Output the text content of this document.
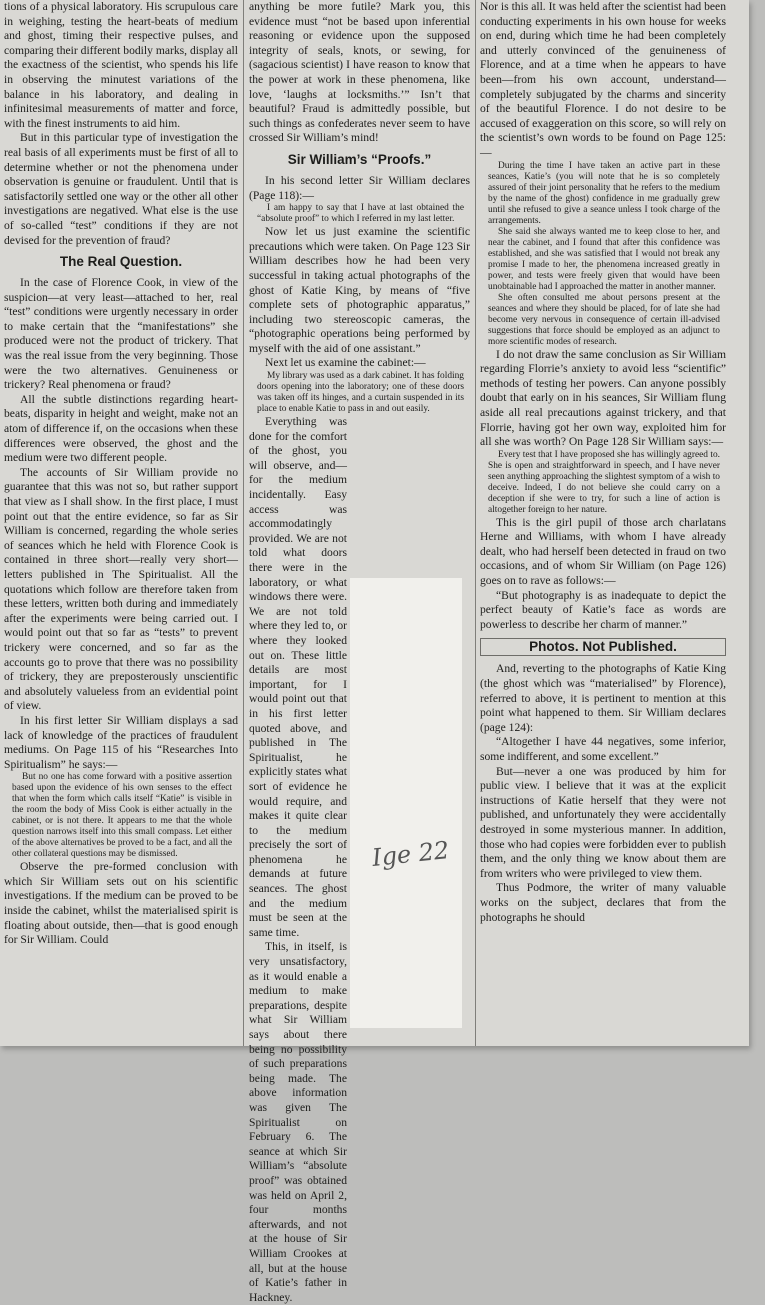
tions of a physical laboratory. His scrupulous care in weighing, testing the heart-beats of medium and ghost, timing their respective pulses, and comparing their different bodily marks, display all the exactness of the scientist, who spends his life in observing the minutest variations of the balance in his laboratory, and dealing in infinitesimal measurements of matter and force, with the finest instruments to aid him.

But in this particular type of investigation the real basis of all experiments must be first of all to determine whether or not the phenomena under observation is genuine or fraudulent. Until that is satisfactorily settled one way or the other all other investigations are negatived. What else is the use of so-called “test” conditions if they are not devised for the prevention of fraud?

The Real Question.

In the case of Florence Cook, in view of the suspicion—at very least—attached to her, real “test” conditions were urgently necessary in order to make certain that the “manifestations” she produced were not the product of trickery. That was the real issue from the very beginning. Those were the two alternatives. Genuineness or trickery? Real phenomena or fraud?

All the subtle distinctions regarding heart-beats, disparity in height and weight, make not an atom of difference if, on the occasions when these differences were observed, the ghost and the medium were two different people.

The accounts of Sir William provide no guarantee that this was not so, but rather support that view as I shall show. In the first place, I must point out that the entire evidence, so far as Sir William is concerned, regarding the whole series of seances which he held with Florence Cook is contained in three short—really very short—letters published in The Spiritualist. All the quotations which follow are therefore taken from these letters, written both during and immediately after the experiments were being carried out. I would point out that so far as “tests” to prevent trickery were concerned, and so far as the accounts go to prove that there was no possibility of trickery, they are preposterously unscientific and absolutely valueless from an evidential point of view.

In his first letter Sir William displays a sad lack of knowledge of the practices of fraudulent mediums. On Page 115 of his “Researches Into Spiritualism” he says:—

But no one has come forward with a positive assertion based upon the evidence of his own senses to the effect that when the form which calls itself “Katie” is visible in the room the body of Miss Cook is either actually in the cabinet, or is not there. It appears to me that the whole question narrows itself into this small compass. Let either of the above alternatives be proved to be a fact, and all the other collateral questions may be dismissed.

Observe the pre-formed conclusion with which Sir William sets out on his scientific investigations. If the medium can be proved to be inside the cabinet, whilst the materialised spirit is floating about outside, then—that is good enough for Sir William. Could

anything be more futile? Mark you, this evidence must “not be based upon inferential reasoning or evidence upon the supposed integrity of seals, knots, or sewing, for (sagacious scientist) I have reason to know that the power at work in these phenomena, like love, ‘laughs at locksmiths.’” Isn’t that beautiful? Fraud is admittedly possible, but such things as confederates never seem to have crossed Sir William’s mind!

Sir William’s “Proofs.”

In his second letter Sir William declares (Page 118):—

I am happy to say that I have at last obtained the “absolute proof” to which I referred in my last letter.

Now let us just examine the scientific precautions which were taken. On Page 123 Sir William describes how he had been very successful in taking actual photographs of the ghost of Katie King, by means of “five complete sets of photographic apparatus,” including two stereoscopic cameras, the “photographic operations being performed by myself with the aid of one assistant.”

Next let us examine the cabinet:—

My library was used as a dark cabinet. It has folding doors opening into the laboratory; one of these doors was taken off its hinges, and a curtain suspended in its place to enable Katie to pass in and out easily.

Everything was done for the comfort of the ghost, you will observe, and—for the medium incidentally. Easy access was accommodatingly provided. We are not told what doors there were in the laboratory, or what windows there were. We are not told where they led to, or where they looked out on. These little details are most important, for I would point out that in his first letter quoted above, and published in The Spiritualist, he explicitly states what sort of evidence he would require, and makes it quite clear to the medium precisely the sort of phenomena he demands at future seances. The ghost and the medium must be seen at the same time.

This, in itself, is very unsatisfactory, as it would enable a medium to make preparations, despite what Sir William says about there being no possibility of such preparations being made. The above information was given The Spiritualist on February 6. The seance at which Sir William’s “absolute proof” was obtained was held on April 2, four months afterwards, and not at the house of Sir William Crookes at all, but at the house of Katie’s father in Hackney.

Ige 22

Nor is this all. It was held after the scientist had been conducting experiments in his own house for weeks on end, during which time he had been completely and utterly convinced of the genuineness of Florence, and at a time when he appears to have been—from his own account, understand—completely subjugated by the charms and sincerity of the beautiful Florence. I do not desire to be accused of exaggeration on this score, so will rely on the scientist’s own words to be found on Page 125:—

During the time I have taken an active part in these seances, Katie’s (you will note that he is so completely assured of their joint personality that he refers to the medium by the name of the ghost) confidence in me gradually grew until she refused to give a seance unless I took charge of the arrangements.

She said she always wanted me to keep close to her, and near the cabinet, and I found that after this confidence was established, and she was satisfied that I would not break any promise I made to her, the phenomena increased greatly in power, and tests were freely given that would have been unobtainable had I approached the matter in another manner.

She often consulted me about persons present at the seances and where they should be placed, for of late she had become very nervous in consequence of certain ill-advised suggestions that force should be employed as an adjunct to more scientific modes of research.

I do not draw the same conclusion as Sir William regarding Florrie’s anxiety to avoid less “scientific” methods of testing her powers. Can anyone possibly doubt that early on in his seances, Sir William flung aside all real precautions against trickery, and that Florrie, having got her own way, exploited him for all she was worth? On Page 128 Sir William says:—

Every test that I have proposed she has willingly agreed to. She is open and straightforward in speech, and I have never seen anything approaching the slightest symptom of a wish to deceive. Indeed, I do not believe she could carry on a deception if she were to try, for such a line of action is altogether foreign to her nature.

This is the girl pupil of those arch charlatans Herne and Williams, with whom I have already dealt, who had herself been detected in fraud on two occasions, and of whom Sir William (on Page 126) goes on to rave as follows:—

“But photography is as inadequate to depict the perfect beauty of Katie’s face as words are powerless to describe her charm of manner.”

Photos. Not Published.

And, reverting to the photographs of Katie King (the ghost which was “materialised” by Florence), referred to above, it is pertinent to mention at this point what happened to them. Sir William declares (page 124):

“Altogether I have 44 negatives, some inferior, some indifferent, and some excellent.”

But—never a one was produced by him for public view. I believe that it was at the explicit instructions of Katie herself that they were not published, and unfortunately they were accidentally destroyed in some mysterious manner. In addition, those who had copies were forbidden ever to publish them, and the only thing we know about them are from writers who were privileged to view them.

Thus Podmore, the writer of many valuable works on the subject, declares that from the photographs he should
